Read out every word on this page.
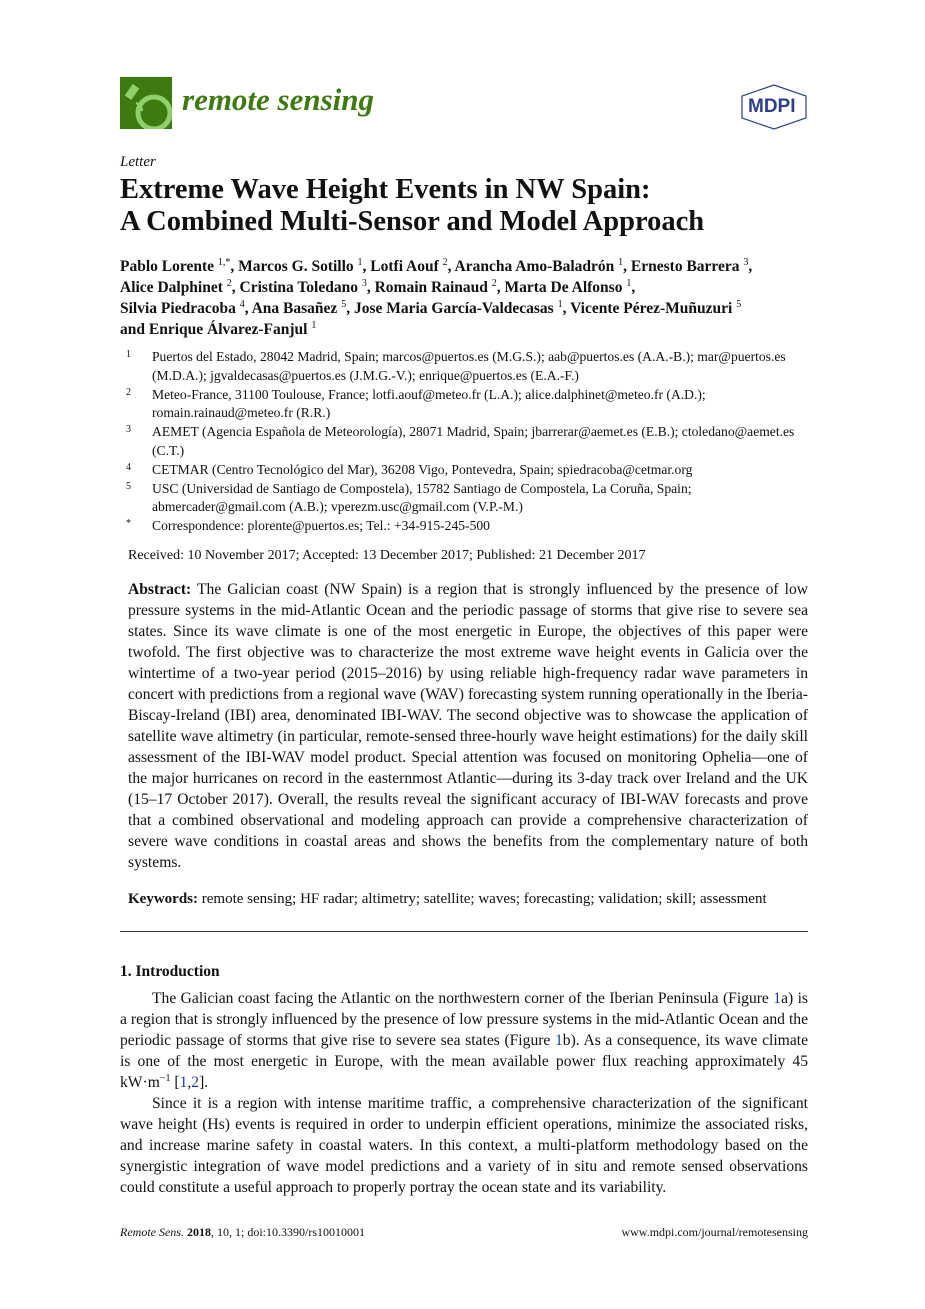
remote sensing	MDPI
Letter
Extreme Wave Height Events in NW Spain:
A Combined Multi-Sensor and Model Approach
Pablo Lorente $^{1,*}$, Marcos G. Sotillo $^1$, Lotfi Aouf $^2$, Arancha Amo-Baladrón $^1$, Ernesto Barrera $^3$,
Alice Dalphinet $^2$, Cristina Toledano $^3$, Romain Rainaud $^2$, Marta De Alfonso $^1$,
Silvia Piedracoba $^4$, Ana Basañez $^5$, Jose Maria García-Valdecasas $^1$, Vicente Pérez-Muñuzuri $^5$
and Enrique Álvarez-Fanjul $^1$
1	Puertos del Estado, 28042 Madrid, Spain; marcos@puertos.es (M.G.S.); aab@puertos.es (A.A.-B.); mar@puertos.es (M.D.A.); jgvaldecasas@puertos.es (J.M.G.-V.); enrique@puertos.es (E.A.-F.)
2	Meteo-France, 31100 Toulouse, France; lotfi.aouf@meteo.fr (L.A.); alice.dalphinet@meteo.fr (A.D.); romain.rainaud@meteo.fr (R.R.)
3	AEMET (Agencia Española de Meteorología), 28071 Madrid, Spain; jbarrerar@aemet.es (E.B.); ctoledano@aemet.es (C.T.)
4	CETMAR (Centro Tecnológico del Mar), 36208 Vigo, Pontevedra, Spain; spiedracoba@cetmar.org
5	USC (Universidad de Santiago de Compostela), 15782 Santiago de Compostela, La Coruña, Spain; abmercader@gmail.com (A.B.); vperezm.usc@gmail.com (V.P.-M.)
*	Correspondence: plorente@puertos.es; Tel.: +34-915-245-500
Received: 10 November 2017; Accepted: 13 December 2017; Published: 21 December 2017
Abstract: The Galician coast (NW Spain) is a region that is strongly influenced by the presence of low pressure systems in the mid-Atlantic Ocean and the periodic passage of storms that give rise to severe sea states. Since its wave climate is one of the most energetic in Europe, the objectives of this paper were twofold. The first objective was to characterize the most extreme wave height events in Galicia over the wintertime of a two-year period (2015–2016) by using reliable high-frequency radar wave parameters in concert with predictions from a regional wave (WAV) forecasting system running operationally in the Iberia-Biscay-Ireland (IBI) area, denominated IBI-WAV. The second objective was to showcase the application of satellite wave altimetry (in particular, remote-sensed three-hourly wave height estimations) for the daily skill assessment of the IBI-WAV model product. Special attention was focused on monitoring Ophelia—one of the major hurricanes on record in the easternmost Atlantic—during its 3-day track over Ireland and the UK (15–17 October 2017). Overall, the results reveal the significant accuracy of IBI-WAV forecasts and prove that a combined observational and modeling approach can provide a comprehensive characterization of severe wave conditions in coastal areas and shows the benefits from the complementary nature of both systems.
Keywords: remote sensing; HF radar; altimetry; satellite; waves; forecasting; validation; skill; assessment
1. Introduction

The Galician coast facing the Atlantic on the northwestern corner of the Iberian Peninsula (Figure 1a) is a region that is strongly influenced by the presence of low pressure systems in the mid-Atlantic Ocean and the periodic passage of storms that give rise to severe sea states (Figure 1b). As a consequence, its wave climate is one of the most energetic in Europe, with the mean available power flux reaching approximately 45 $kW\cdot m^{-1}$ [1,2].

Since it is a region with intense maritime traffic, a comprehensive characterization of the significant wave height (Hs) events is required in order to underpin efficient operations, minimize the associated risks, and increase marine safety in coastal waters. In this context, a multi-platform methodology based on the synergistic integration of wave model predictions and a variety of in situ and remote sensed observations could constitute a useful approach to properly portray the ocean state and its variability.

Remote Sens. 2018, 10, 1; doi:10.3390/rs10010001	www.mdpi.com/journal/remotesensing
